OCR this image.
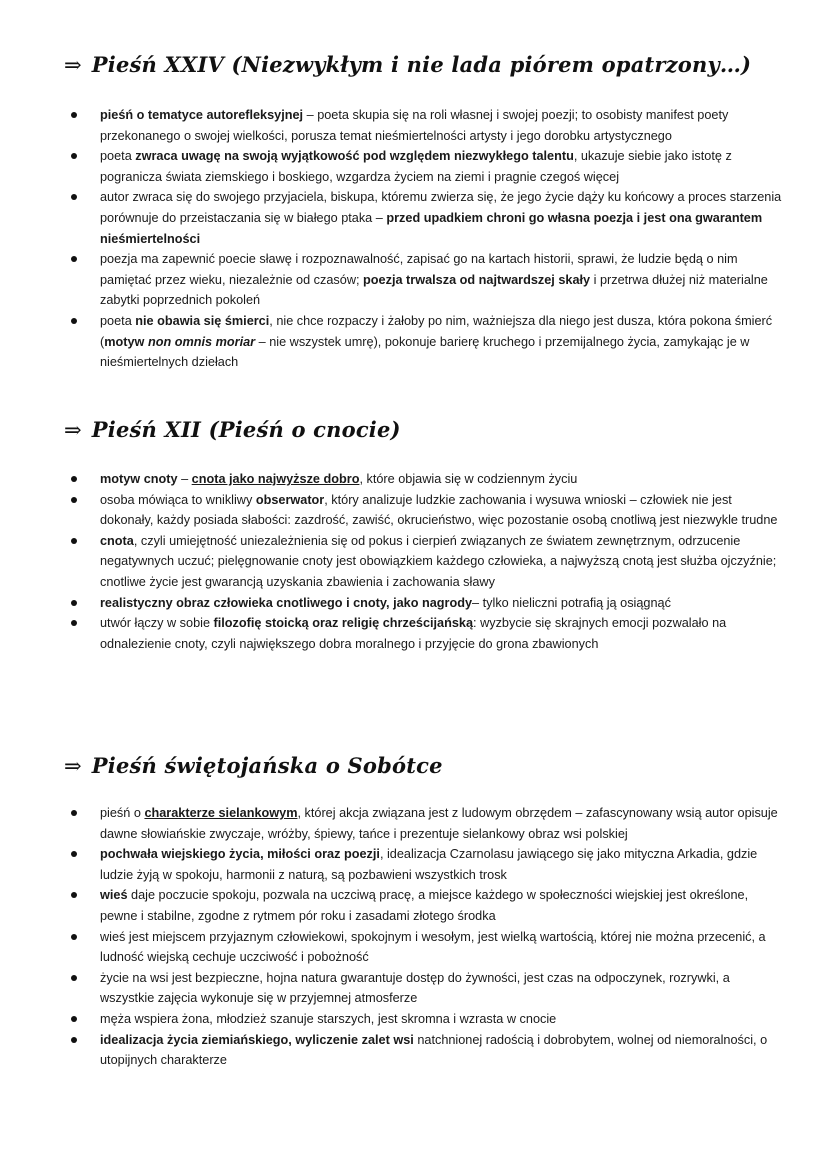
⇒ Pieśń XXIV (Niezwykłym i nie lada piórem opatrzony…)
pieśń o tematyce autorefleksyjnej – poeta skupia się na roli własnej i swojej poezji; to osobisty manifest poety przekonanego o swojej wielkości, porusza temat nieśmiertelności artysty i jego dorobku artystycznego
poeta zwraca uwagę na swoją wyjątkowość pod względem niezwykłego talentu, ukazuje siebie jako istotę z pogranicza świata ziemskiego i boskiego, wzgardza życiem na ziemi i pragnie czegoś więcej
autor zwraca się do swojego przyjaciela, biskupa, któremu zwierza się, że jego życie dąży ku końcowy a proces starzenia porównuje do przeistaczania się w białego ptaka – przed upadkiem chroni go własna poezja i jest ona gwarantem nieśmiertelności
poezja ma zapewnić poecie sławę i rozpoznawalność, zapisać go na kartach historii, sprawi, że ludzie będą o nim pamiętać przez wieku, niezależnie od czasów; poezja trwalsza od najtwardszej skały i przetrwa dłużej niż materialne zabytki poprzednich pokoleń
poeta nie obawia się śmierci, nie chce rozpaczy i żałoby po nim, ważniejsza dla niego jest dusza, która pokona śmierć (motyw non omnis moriar – nie wszystek umrę), pokonuje barierę kruchego i przemijalnego życia, zamykając je w nieśmiertelnych dziełach
⇒ Pieśń XII (Pieśń o cnocie)
motyw cnoty – cnota jako najwyższe dobro, które objawia się w codziennym życiu
osoba mówiąca to wnikliwy obserwator, który analizuje ludzkie zachowania i wysuwa wnioski – człowiek nie jest dokonały, każdy posiada słabości: zazdrość, zawiść, okrucieństwo, więc pozostanie osobą cnotliwą jest niezwykle trudne
cnota, czyli umiejętność uniezależnienia się od pokus i cierpień związanych ze światem zewnętrznym, odrzucenie negatywnych uczuć; pielęgnowanie cnoty jest obowiązkiem każdego człowieka, a najwyższą cnotą jest służba ojczyźnie; cnotliwe życie jest gwarancją uzyskania zbawienia i zachowania sławy
realistyczny obraz człowieka cnotliwego i cnoty, jako nagrody– tylko nieliczni potrafią ją osiągnąć
utwór łączy w sobie filozofię stoicką oraz religię chrześcijańską: wyzbycie się skrajnych emocji pozwalało na odnalezienie cnoty, czyli największego dobra moralnego i przyjęcie do grona zbawionych
⇒ Pieśń świętojańska o Sobótce
pieśń o charakterze sielankowym, której akcja związana jest z ludowym obrzędem – zafascynowany wsią autor opisuje dawne słowiańskie zwyczaje, wróżby, śpiewy, tańce i prezentuje sielankowy obraz wsi polskiej
pochwała wiejskiego życia, miłości oraz poezji, idealizacja Czarnolasu jawiącego się jako mityczna Arkadia, gdzie ludzie żyją w spokoju, harmonii z naturą, są pozbawieni wszystkich trosk
wieś daje poczucie spokoju, pozwala na uczciwą pracę, a miejsce każdego w społeczności wiejskiej jest określone, pewne i stabilne, zgodne z rytmem pór roku i zasadami złotego środka
wieś jest miejscem przyjaznym człowiekowi, spokojnym i wesołym, jest wielką wartością, której nie można przecenić, a ludność wiejską cechuje uczciwość i pobożność
życie na wsi jest bezpieczne, hojna natura gwarantuje dostęp do żywności, jest czas na odpoczynek, rozrywki, a wszystkie zajęcia wykonuje się w przyjemnej atmosferze
męża wspiera żona, młodzież szanuje starszych, jest skromna i wzrasta w cnocie
idealizacja życia ziemiańskiego, wyliczenie zalet wsi natchnionej radością i dobrobytem, wolnej od niemoralności, o utopijnych charakterze
